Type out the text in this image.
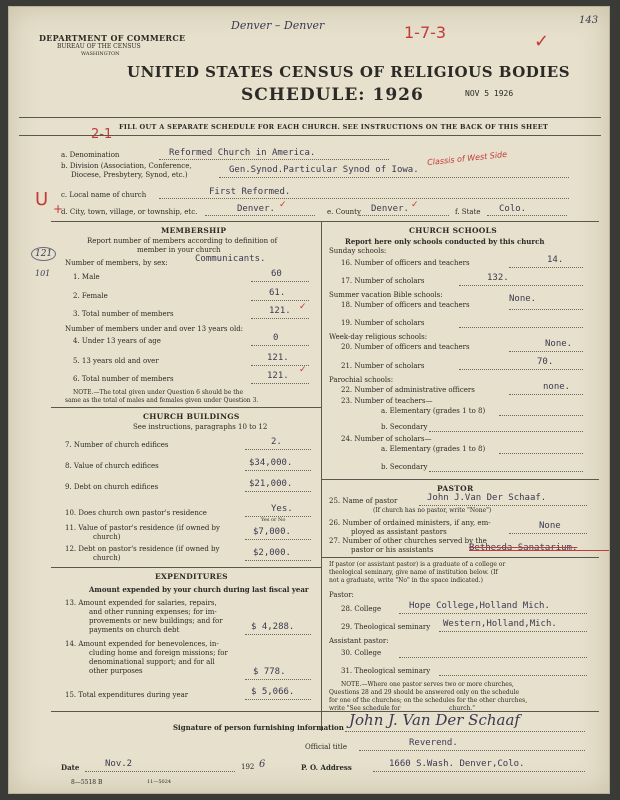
DEPARTMENT OF COMMERCE
BUREAU OF THE CENSUS
WASHINGTON
Denver – Denver	1-7-3
143
✓
UNITED STATES CENSUS OF RELIGIOUS BODIES
SCHEDULE: 1926	NOV 5 1926
2-1 FILL OUT A SEPARATE SCHEDULE FOR EACH CHURCH. SEE INSTRUCTIONS ON THE BACK OF THIS SHEET
a. Denomination	Reformed Church in America.
b. Division (Association, Conference,
Diocese, Presbytery, Synod, etc.)	Gen.Synod.Particular Synod of Iowa.
Classis of West Side
c. Local name of church	First Reformed.
U +
d. City, town, village, or township, etc.	Denver. ✓
e. County Denver. ✓
f. State Colo.
MEMBERSHIP
Report number of members according to definition of
member in your church
Number of members, by sex:	Communicants.
121
101	1. Male	60
2. Female	61.
3. Total number of members	121. ✓
Number of members under and over 13 years old:
4. Under 13 years of age	0
5. 13 years old and over	121.
6. Total number of members	121.
✓
NOTE.—The total given under Question 6 should be the
same as the total of males and females given under Question 3.
CHURCH BUILDINGS
See instructions, paragraphs 10 to 12
7. Number of church edifices	2.
8. Value of church edifices	$34,000.
9. Debt on church edifices	$21,000.
10. Does church own pastor's residence	Yes.
Yes or No
11. Value of pastor's residence (if owned by
church)	$7,000.
12. Debt on pastor's residence (if owned by
church)	$2,000.
EXPENDITURES
Amount expended by your church during last fiscal year
13. Amount expended for salaries, repairs,
and other running expenses; for im-
provements or new buildings; and for
payments on church debt	$ 4,288.
14. Amount expended for benevolences, in-
cluding home and foreign missions; for
denominational support; and for all
other purposes	$ 778.
15. Total expenditures during year	$ 5,066.
CHURCH SCHOOLS
Report here only schools conducted by this church
Sunday schools:
16. Number of officers and teachers	14.
17. Number of scholars	132.
Summer vacation Bible schools:
18. Number of officers and teachers
None.
19. Number of scholars
Week-day religious schools:
20. Number of officers and teachers	None.
21. Number of scholars	70.
Parochial schools:
22. Number of administrative officers	none.
23. Number of teachers—
a. Elementary (grades 1 to 8)
b. Secondary
24. Number of scholars—
a. Elementary (grades 1 to 8)
b. Secondary
PASTOR
25. Name of pastor	John J.Van Der Schaaf.
(If church has no pastor, write "None")
26. Number of ordained ministers, if any, em-
ployed as assistant pastors
None
27. Number of other churches served by the
pastor or his assistants	Bethesda Sanatarium.
If pastor (or assistant pastor) is a graduate of a college or
theological seminary, give name of institution below. (If
not a graduate, write "No" in the space indicated.)
Pastor:
28. College	Hope College,Holland Mich.
29. Theological seminary Western,Holland,Mich.
Assistant pastor:
30. College
31. Theological seminary
NOTE.—Where one pastor serves two or more churches,
Questions 28 and 29 should be answered only on the schedule
for one of the churches; on the schedules for the other churches,
write "See schedule for _______________ church."
Signature of person furnishing information John J. Van Der Schaaf
Official title	Reverend.
Date	Nov.2	192 6	P. O. Address	1660 S.Wash. Denver,Colo.
8—5518 B	11—5024
